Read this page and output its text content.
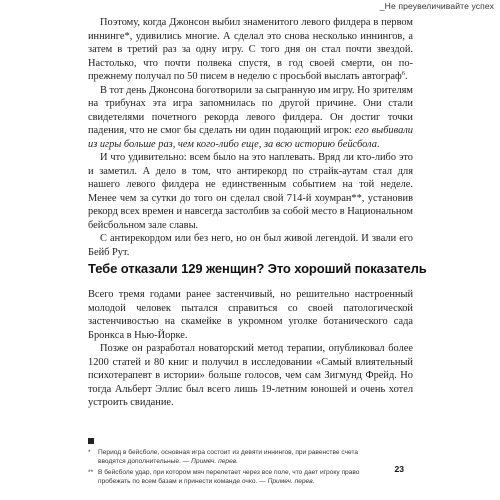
_Не преувеличивайте успех

Поэтому, когда Джонсон выбил знаменитого левого филдера в первом иннинге*, удивились многие. А сделал это снова несколько иннингов, а затем в третий раз за одну игру. С того дня он стал почти звездой. Настолько, что почти полвека спустя, в год своей смерти, он по-прежнему получал по 50 писем в неделю с просьбой выслать автограф$^6$.

В тот день Джонсона боготворили за сыгранную им игру. Но зрителям на трибунах эта игра запомнилась по другой причине. Они стали свидетелями почетного рекорда левого филдера. Он достиг точки падения, что не смог бы сделать ни один подающий игрок: его выбивали из игры больше раз, чем кого-либо еще, за всю историю бейсбола.

И что удивительно: всем было на это наплевать. Вряд ли кто-либо это и заметил. А дело в том, что антирекорд по страйк-аутам стал для нашего левого филдера не единственным событием на той неделе. Менее чем за сутки до того он сделал свой 714-й хоумран**, установив рекорд всех времен и навсегда застолбив за собой место в Национальном бейсбольном зале славы.

С антирекордом или без него, но он был живой легендой. И звали его Бейб Рут.

Тебе отказали 129 женщин? Это хороший показатель

Всего тремя годами ранее застенчивый, но решительно настроенный молодой человек пытался справиться со своей патологической застенчивостью на скамейке в укромном уголке ботанического сада Бронкса в Нью-Йорке.

Позже он разработал новаторский метод терапии, опубликовал более 1200 статей и 80 книг и получил в исследовании «Самый влиятельный психотерапевт в истории» больше голосов, чем сам Зигмунд Фрейд. Но тогда Альберт Эллис был всего лишь 19-летним юношей и очень хотел устроить свидание.

* Период в бейсболе, основная игра состоит из девяти иннингов, при равенстве счета вводятся дополнительные. — Примеч. перев.
** В бейсболе удар, при котором мяч перелетает через все поле, что дает игроку право пробежать по всем базам и принести команде очко. — Примеч. перев.
23
